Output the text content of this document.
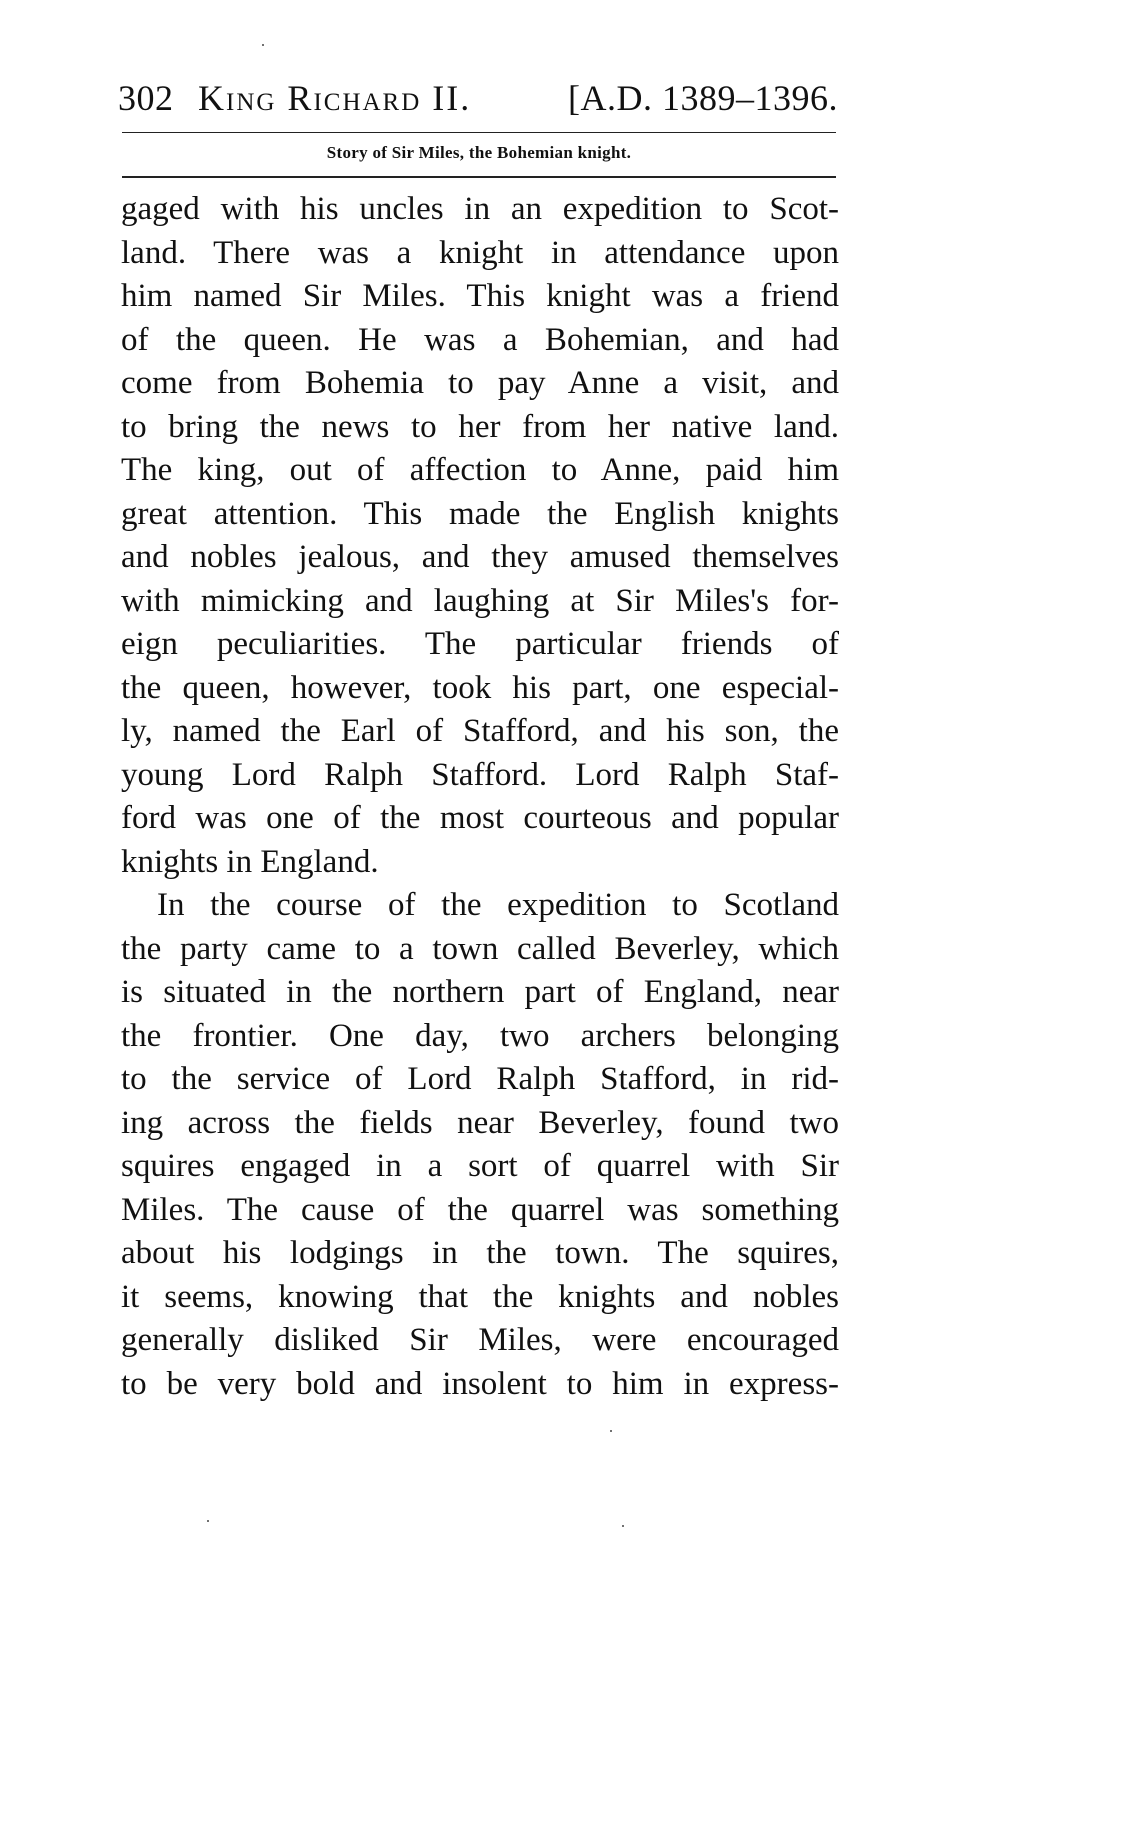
302 King Richard II.	[A.D. 1389–1396.
Story of Sir Miles, the Bohemian knight.
gaged with his uncles in an expedition to Scot-
land. There was a knight in attendance upon
him named Sir Miles. This knight was a friend
of the queen. He was a Bohemian, and had
come from Bohemia to pay Anne a visit, and
to bring the news to her from her native land.
The king, out of affection to Anne, paid him
great attention. This made the English knights
and nobles jealous, and they amused themselves
with mimicking and laughing at Sir Miles's for-
eign peculiarities. The particular friends of
the queen, however, took his part, one especial-
ly, named the Earl of Stafford, and his son, the
young Lord Ralph Stafford. Lord Ralph Staf-
ford was one of the most courteous and popular
knights in England.
In the course of the expedition to Scotland
the party came to a town called Beverley, which
is situated in the northern part of England, near
the frontier. One day, two archers belonging
to the service of Lord Ralph Stafford, in rid-
ing across the fields near Beverley, found two
squires engaged in a sort of quarrel with Sir
Miles. The cause of the quarrel was something
about his lodgings in the town. The squires,
it seems, knowing that the knights and nobles
generally disliked Sir Miles, were encouraged
to be very bold and insolent to him in express-
